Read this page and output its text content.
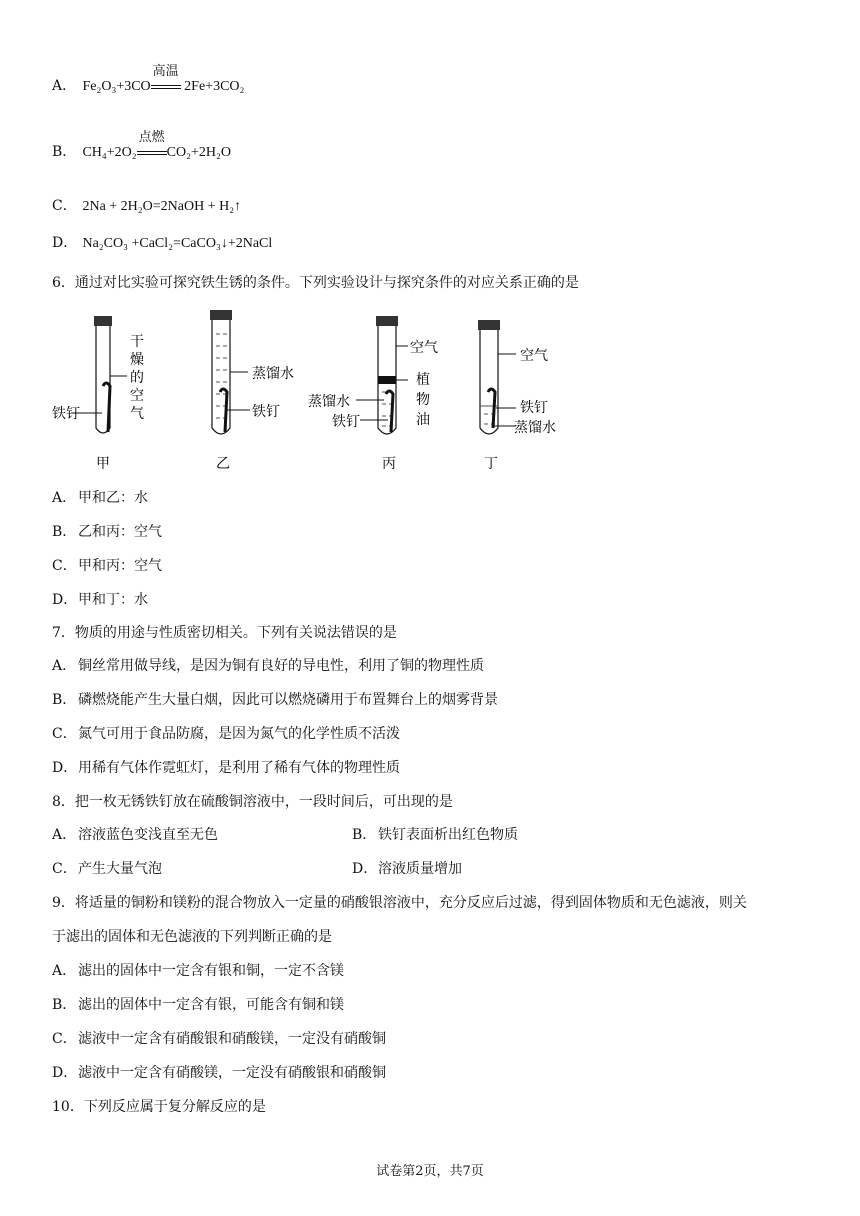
A． Fe₂O₃+3CO
高温
2Fe+3CO₂
B． CH₄+2O₂
点燃
CO₂+2H₂O
C． 2Na + 2H₂O=2NaOH + H₂↑
D． Na₂CO₃ +CaCl₂=CaCO₃↓+2NaCl
6．通过对比实验可探究铁生锈的条件。下列实验设计与探究条件的对应关系正确的是
干
燥
的
空
气
铁钉
甲
蒸馏水
铁钉
乙
空气
植
物
油
蒸馏水
铁钉
丙
空气
铁钉
蒸馏水
丁
A． 甲和乙：水
B． 乙和丙：空气
C．甲和丙：空气
D．甲和丁：水
7．物质的用途与性质密切相关。下列有关说法错误的是
A． 铜丝常用做导线，是因为铜有良好的导电性，利用了铜的物理性质
B． 磷燃烧能产生大量白烟，因此可以燃烧磷用于布置舞台上的烟雾背景
C．氮气可用于食品防腐，是因为氮气的化学性质不活泼
D．用稀有气体作霓虹灯，是利用了稀有气体的物理性质
8．把一枚无锈铁钉放在硫酸铜溶液中，一段时间后，可出现的是
A． 溶液蓝色变浅直至无色	B． 铁钉表面析出红色物质
C．产生大量气泡	D．溶液质量增加
9．将适量的铜粉和镁粉的混合物放入一定量的硝酸银溶液中，充分反应后过滤，得到固体物质和无色滤液，则关
于滤出的固体和无色滤液的下列判断正确的是
A． 滤出的固体中一定含有银和铜，一定不含镁
B． 滤出的固体中一定含有银，可能含有铜和镁
C．滤液中一定含有硝酸银和硝酸镁，一定没有硝酸铜
D．滤液中一定含有硝酸镁，一定没有硝酸银和硝酸铜
10．下列反应属于复分解反应的是
试卷第2页，共7页
